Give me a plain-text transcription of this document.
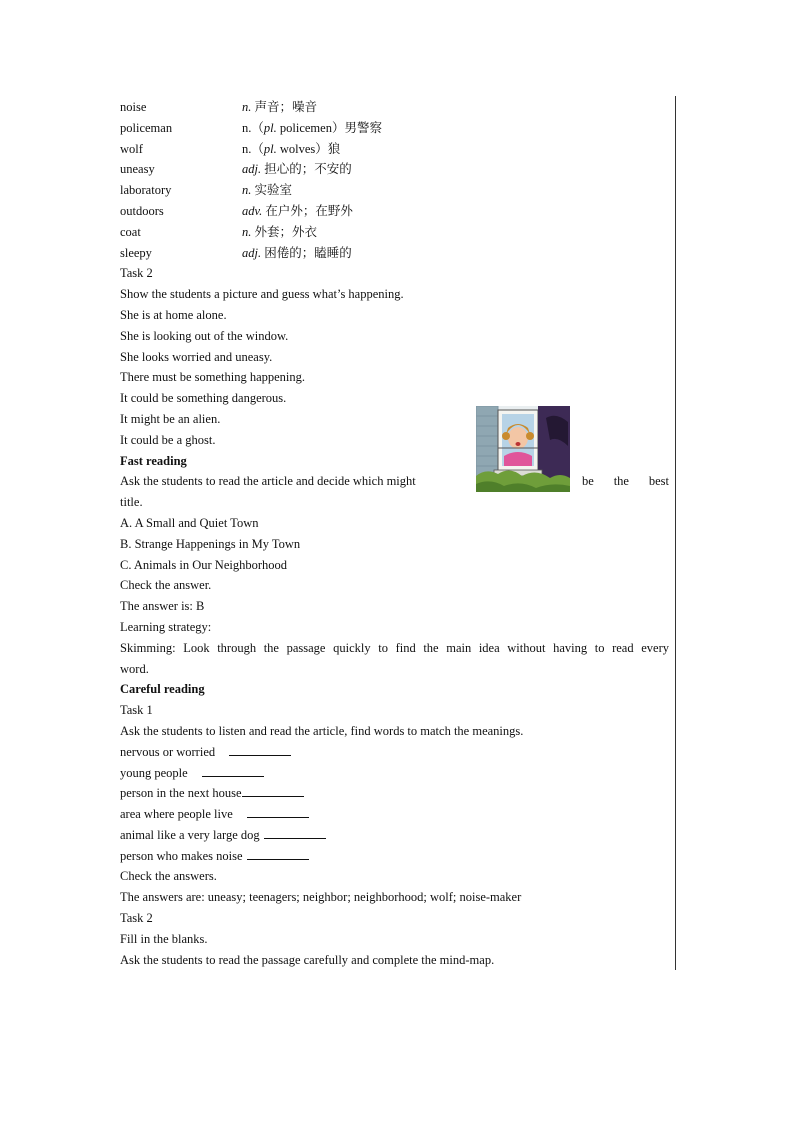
noise	n. 声音；噪音
policeman	n.（pl. policemen）男警察
wolf	n.（pl. wolves）狼
uneasy	adj. 担心的；不安的
laboratory	n. 实验室
outdoors	adv. 在户外；在野外
coat	n. 外套；外衣
sleepy	adj. 困倦的；瞌睡的
Task 2
Show the students a picture and guess what’s happening.
She is at home alone.
She is looking out of the window.
She looks worried and uneasy.
There must be something happening.
It could be something dangerous.
It might be an alien.
It could be a ghost.
Fast reading
Ask the students to read the article and decide which might	be the best
title.
A. A Small and Quiet Town
B. Strange Happenings in My Town
C. Animals in Our Neighborhood
Check the answer.
The answer is: B
Learning strategy:
Skimming: Look through the passage quickly to find the main idea without having to read every
word.
Careful reading
Task 1
Ask the students to listen and read the article, find words to match the meanings.
nervous or worried
young people
person in the next house
area where people live
animal like a very large dog
person who makes noise
Check the answers.
The answers are: uneasy; teenagers; neighbor; neighborhood; wolf; noise-maker
Task 2
Fill in the blanks.
Ask the students to read the passage carefully and complete the mind-map.
